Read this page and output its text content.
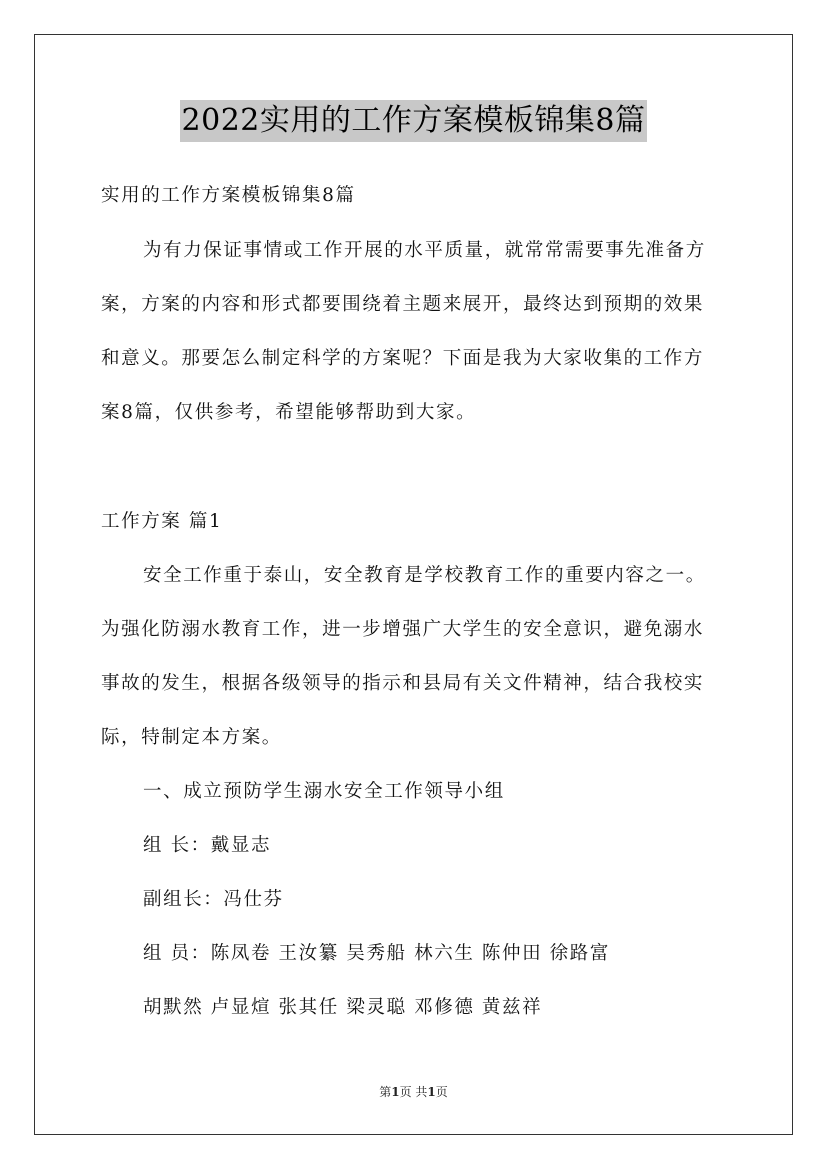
2022实用的工作方案模板锦集8篇
实用的工作方案模板锦集8篇
为有力保证事情或工作开展的水平质量，就常常需要事先准备方
案，方案的内容和形式都要围绕着主题来展开，最终达到预期的效果
和意义。那要怎么制定科学的方案呢？下面是我为大家收集的工作方
案8篇，仅供参考，希望能够帮助到大家。
工作方案 篇1
安全工作重于泰山，安全教育是学校教育工作的重要内容之一。
为强化防溺水教育工作，进一步增强广大学生的安全意识，避免溺水
事故的发生，根据各级领导的指示和县局有关文件精神，结合我校实
际，特制定本方案。
一、成立预防学生溺水安全工作领导小组
组 长：戴显志
副组长：冯仕芬
组 员：陈凤卷 王汝纂 吴秀船 林六生 陈仲田 徐路富
胡默然 卢显煊 张其任 梁灵聪 邓修德 黄兹祥
第1页 共1页
